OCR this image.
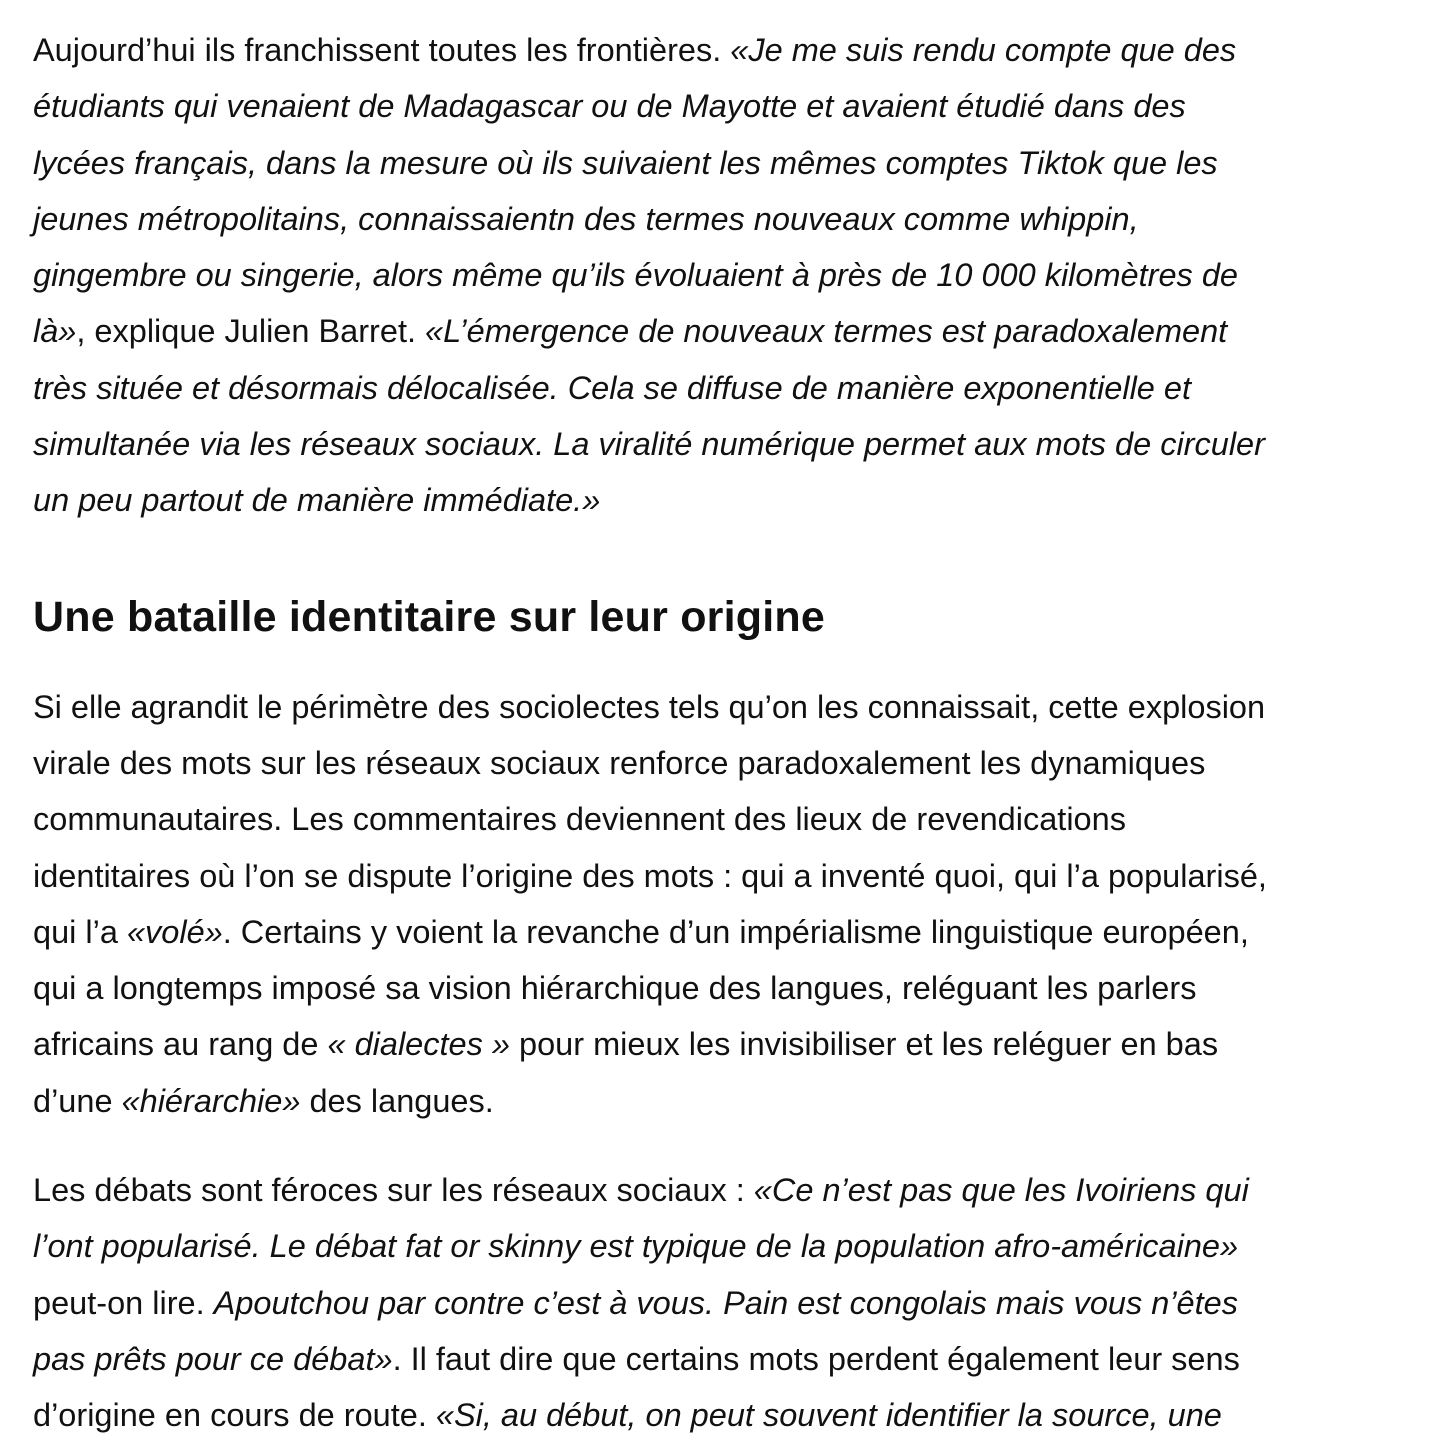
Aujourd’hui ils franchissent toutes les frontières. «Je me suis rendu compte que des
étudiants qui venaient de Madagascar ou de Mayotte et avaient étudié dans des
lycées français, dans la mesure où ils suivaient les mêmes comptes Tiktok que les
jeunes métropolitains, connaissaientn des termes nouveaux comme whippin,
gingembre ou singerie, alors même qu’ils évoluaient à près de 10 000 kilomètres de
là», explique Julien Barret. «L’émergence de nouveaux termes est paradoxalement
très située et désormais délocalisée. Cela se diffuse de manière exponentielle et
simultanée via les réseaux sociaux. La viralité numérique permet aux mots de circuler
un peu partout de manière immédiate.»

Une bataille identitaire sur leur origine

Si elle agrandit le périmètre des sociolectes tels qu’on les connaissait, cette explosion
virale des mots sur les réseaux sociaux renforce paradoxalement les dynamiques
communautaires. Les commentaires deviennent des lieux de revendications
identitaires où l’on se dispute l’origine des mots : qui a inventé quoi, qui l’a popularisé,
qui l’a «volé». Certains y voient la revanche d’un impérialisme linguistique européen,
qui a longtemps imposé sa vision hiérarchique des langues, reléguant les parlers
africains au rang de « dialectes » pour mieux les invisibiliser et les reléguer en bas
d’une «hiérarchie» des langues.

Les débats sont féroces sur les réseaux sociaux : «Ce n’est pas que les Ivoiriens qui
l’ont popularisé. Le débat fat or skinny est typique de la population afro-américaine»
peut-on lire. Apoutchou par contre c’est à vous. Pain est congolais mais vous n’êtes
pas prêts pour ce débat». Il faut dire que certains mots perdent également leur sens
d’origine en cours de route. «Si, au début, on peut souvent identifier la source, une
